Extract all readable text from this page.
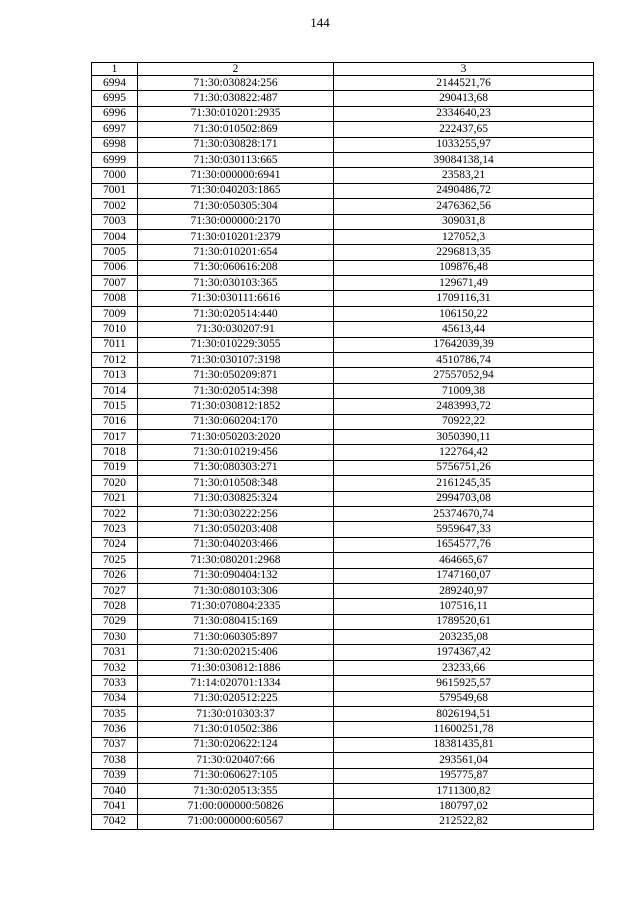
144
1	2	3
6994	71:30:030824:256	2144521,76
6995	71:30:030822:487	290413,68
6996	71:30:010201:2935	2334640,23
6997	71:30:010502:869	222437,65
6998	71:30:030828:171	1033255,97
6999	71:30:030113:665	39084138,14
7000	71:30:000000:6941	23583,21
7001	71:30:040203:1865	2490486,72
7002	71:30:050305:304	2476362,56
7003	71:30:000000:2170	309031,8
7004	71:30:010201:2379	127052,3
7005	71:30:010201:654	2296813,35
7006	71:30:060616:208	109876,48
7007	71:30:030103:365	129671,49
7008	71:30:030111:6616	1709116,31
7009	71:30:020514:440	106150,22
7010	71:30:030207:91	45613,44
7011	71:30:010229:3055	17642039,39
7012	71:30:030107:3198	4510786,74
7013	71:30:050209:871	27557052,94
7014	71:30:020514:398	71009,38
7015	71:30:030812:1852	2483993,72
7016	71:30:060204:170	70922,22
7017	71:30:050203:2020	3050390,11
7018	71:30:010219:456	122764,42
7019	71:30:080303:271	5756751,26
7020	71:30:010508:348	2161245,35
7021	71:30:030825:324	2994703,08
7022	71:30:030222:256	25374670,74
7023	71:30:050203:408	5959647,33
7024	71:30:040203:466	1654577,76
7025	71:30:080201:2968	464665,67
7026	71:30:090404:132	1747160,07
7027	71:30:080103:306	289240,97
7028	71:30:070804:2335	107516,11
7029	71:30:080415:169	1789520,61
7030	71:30:060305:897	203235,08
7031	71:30:020215:406	1974367,42
7032	71:30:030812:1886	23233,66
7033	71:14:020701:1334	9615925,57
7034	71:30:020512:225	579549,68
7035	71:30:010303:37	8026194,51
7036	71:30:010502:386	11600251,78
7037	71:30:020622:124	18381435,81
7038	71:30:020407:66	293561,04
7039	71:30:060627:105	195775,87
7040	71:30:020513:355	1711300,82
7041	71:00:000000:50826	180797,02
7042	71:00:000000:60567	212522,82
